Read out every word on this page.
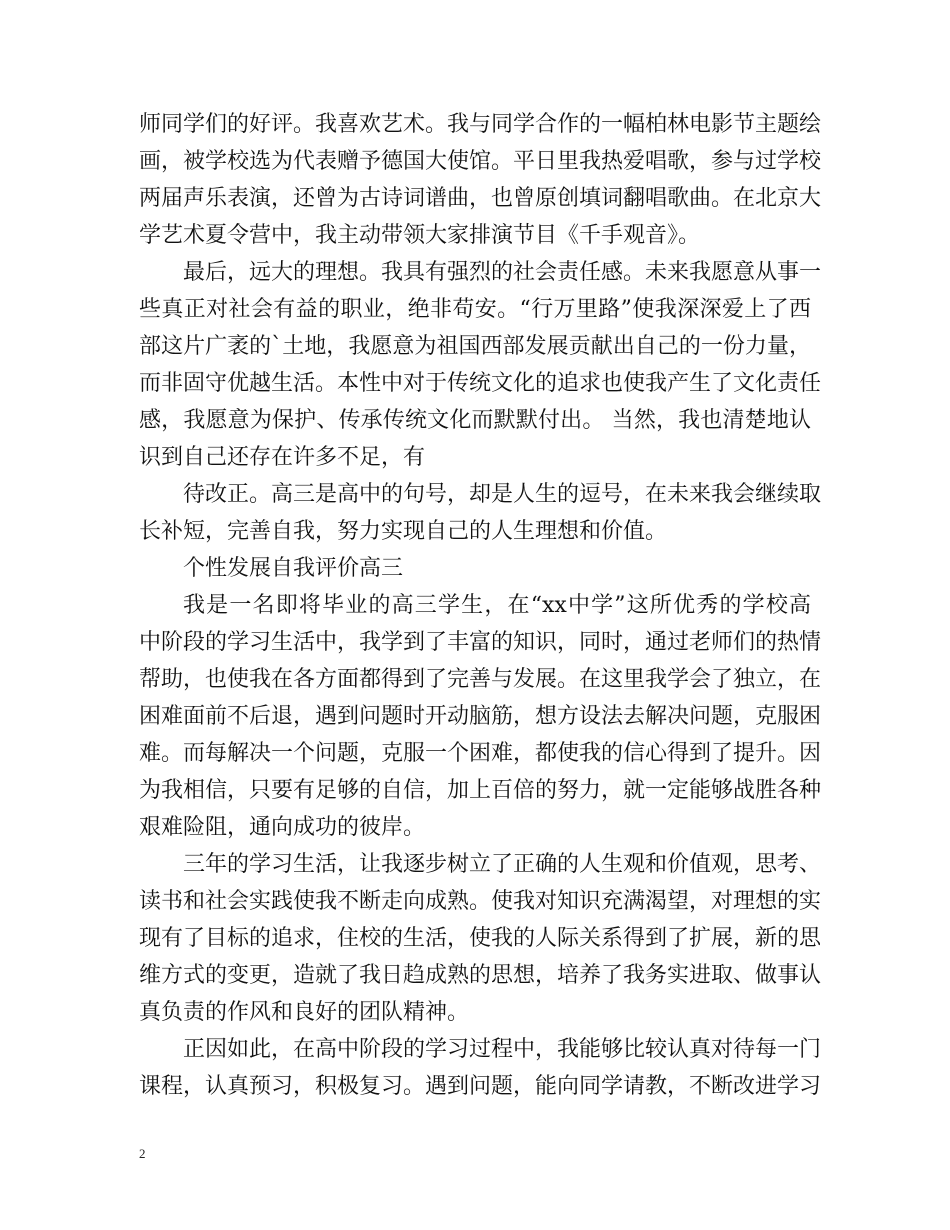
师同学们的好评。我喜欢艺术。我与同学合作的一幅柏林电影节主题绘
画，被学校选为代表赠予德国大使馆。平日里我热爱唱歌，参与过学校
两届声乐表演，还曾为古诗词谱曲，也曾原创填词翻唱歌曲。在北京大
学艺术夏令营中，我主动带领大家排演节目《千手观音》。
最后，远大的理想。我具有强烈的社会责任感。未来我愿意从事一
些真正对社会有益的职业，绝非苟安。“行万里路”使我深深爱上了西
部这片广袤的`土地，我愿意为祖国西部发展贡献出自己的一份力量，
而非固守优越生活。本性中对于传统文化的追求也使我产生了文化责任
感，我愿意为保护、传承传统文化而默默付出。 当然，我也清楚地认
识到自己还存在许多不足，有
待改正。高三是高中的句号，却是人生的逗号，在未来我会继续取
长补短，完善自我，努力实现自己的人生理想和价值。
个性发展自我评价高三
我是一名即将毕业的高三学生，在“xx中学”这所优秀的学校高
中阶段的学习生活中，我学到了丰富的知识，同时，通过老师们的热情
帮助，也使我在各方面都得到了完善与发展。在这里我学会了独立，在
困难面前不后退，遇到问题时开动脑筋，想方设法去解决问题，克服困
难。而每解决一个问题，克服一个困难，都使我的信心得到了提升。因
为我相信，只要有足够的自信，加上百倍的努力，就一定能够战胜各种
艰难险阻，通向成功的彼岸。
三年的学习生活，让我逐步树立了正确的人生观和价值观，思考、
读书和社会实践使我不断走向成熟。使我对知识充满渴望，对理想的实
现有了目标的追求，住校的生活，使我的人际关系得到了扩展，新的思
维方式的变更，造就了我日趋成熟的思想，培养了我务实进取、做事认
真负责的作风和良好的团队精神。
正因如此，在高中阶段的学习过程中，我能够比较认真对待每一门
课程，认真预习，积极复习。遇到问题，能向同学请教，不断改进学习
2
